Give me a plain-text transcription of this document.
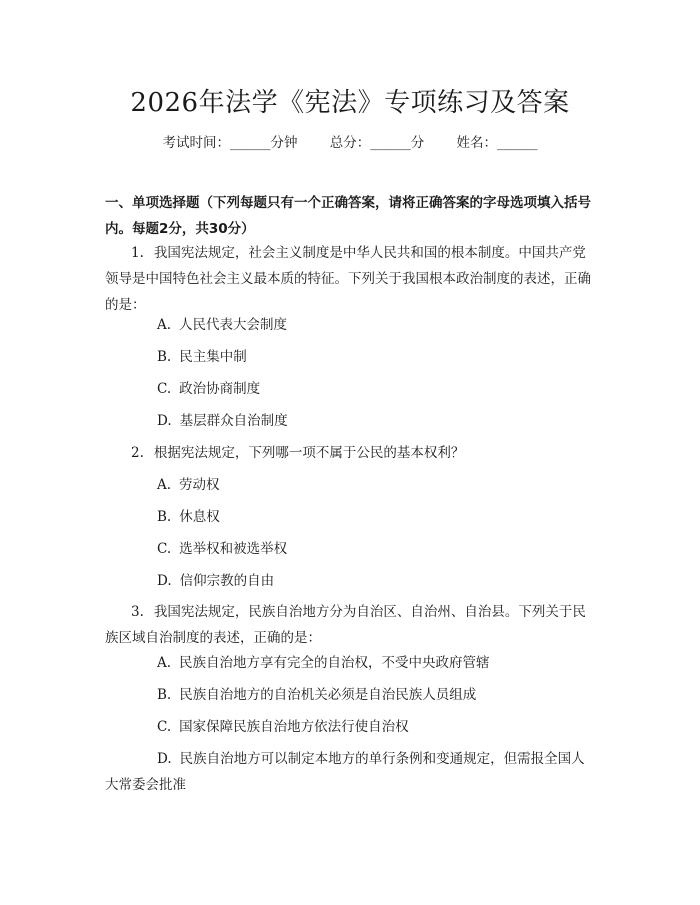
2026年法学《宪法》专项练习及答案
考试时间：______分钟 总分：______分 姓名：______
一、单项选择题（下列每题只有一个正确答案，请将正确答案的字母选项填入括号内。每题2分，共30分）
1. 我国宪法规定，社会主义制度是中华人民共和国的根本制度。中国共产党领导是中国特色社会主义最本质的特征。下列关于我国根本政治制度的表述，正确的是：
A. 人民代表大会制度
B. 民主集中制
C. 政治协商制度
D. 基层群众自治制度
2. 根据宪法规定，下列哪一项不属于公民的基本权利？
A. 劳动权
B. 休息权
C. 选举权和被选举权
D. 信仰宗教的自由
3. 我国宪法规定，民族自治地方分为自治区、自治州、自治县。下列关于民族区域自治制度的表述，正确的是：
A. 民族自治地方享有完全的自治权，不受中央政府管辖
B. 民族自治地方的自治机关必须是自治民族人员组成
C. 国家保障民族自治地方依法行使自治权
D. 民族自治地方可以制定本地方的单行条例和变通规定，但需报全国人大常委会批准
